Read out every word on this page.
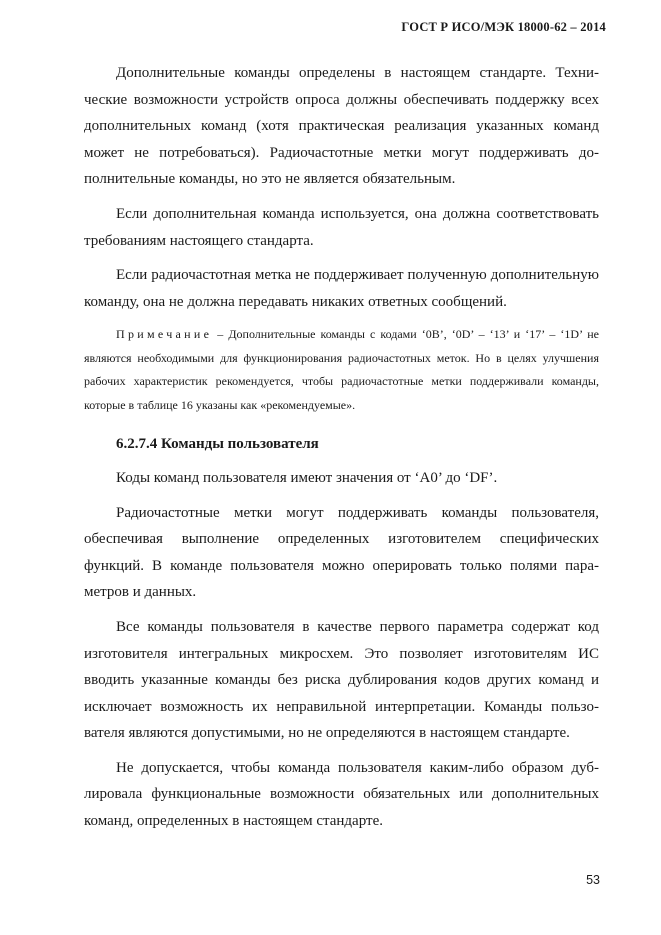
ГОСТ Р ИСО/МЭК 18000-62 – 2014

Дополнительные команды определены в настоящем стандарте. Технические возможности устройств опроса должны обеспечивать поддержку всех дополнительных команд (хотя практическая реализация указанных команд может не потребоваться). Радиочастотные метки могут поддерживать дополнительные команды, но это не является обязательным.

Если дополнительная команда используется, она должна соответствовать требованиям настоящего стандарта.

Если радиочастотная метка не поддерживает полученную дополнительную команду, она не должна передавать никаких ответных сообщений.

Примечание – Дополнительные команды с кодами ‘0B’, ‘0D’ – ‘13’ и ‘17’ – ‘1D’ не являются необходимыми для функционирования радиочастотных меток. Но в целях улучшения рабочих характеристик рекомендуется, чтобы радиочастотные метки поддерживали команды, которые в таблице 16 указаны как «рекомендуемые».

6.2.7.4 Команды пользователя

Коды команд пользователя имеют значения от ‘A0’ до ‘DF’.

Радиочастотные метки могут поддерживать команды пользователя, обеспечивая выполнение определенных изготовителем специфических функций. В команде пользователя можно оперировать только полями параметров и данных.

Все команды пользователя в качестве первого параметра содержат код изготовителя интегральных микросхем. Это позволяет изготовителям ИС вводить указанные команды без риска дублирования кодов других команд и исключает возможность их неправильной интерпретации. Команды пользователя являются допустимыми, но не определяются в настоящем стандарте.

Не допускается, чтобы команда пользователя каким-либо образом дублировала функциональные возможности обязательных или дополнительных команд, определенных в настоящем стандарте.

53
